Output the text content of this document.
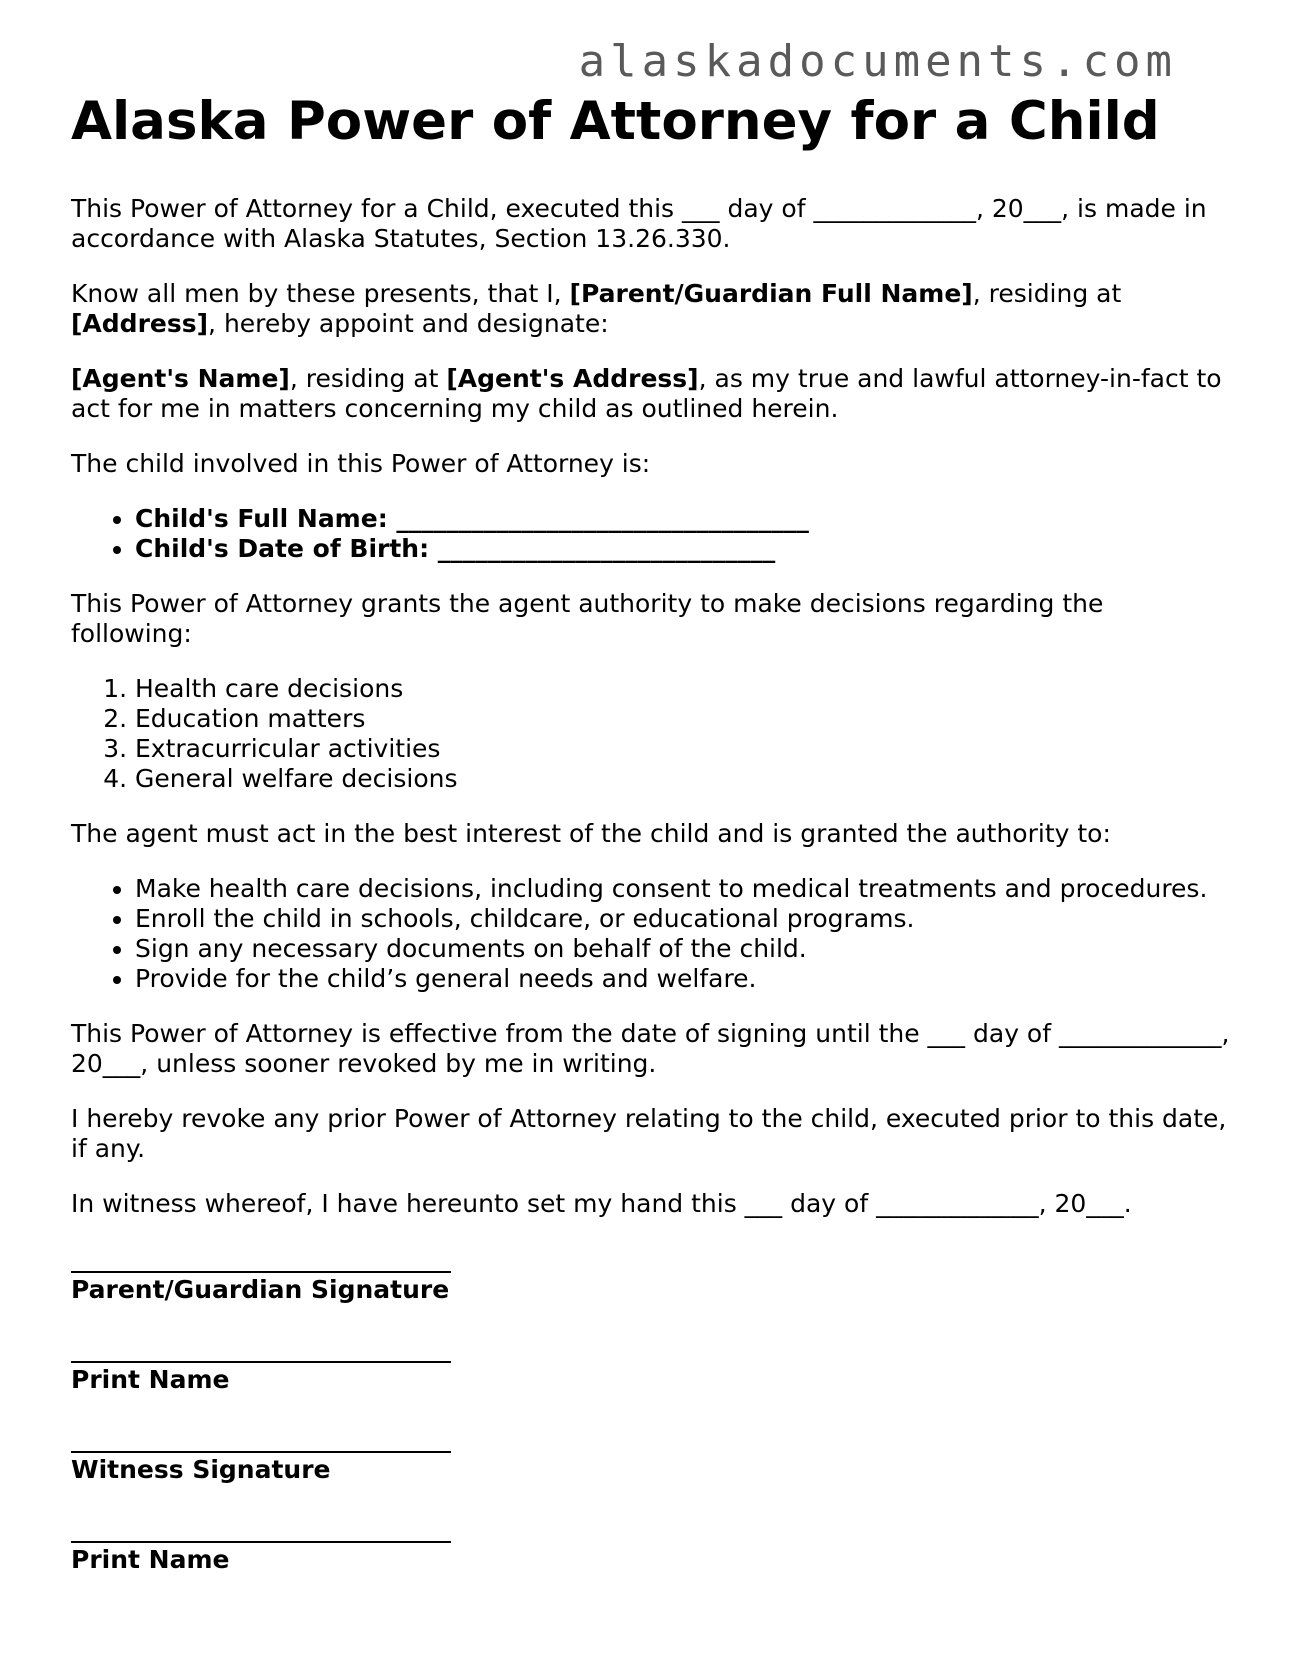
alaskadocuments.com
Alaska Power of Attorney for a Child

This Power of Attorney for a Child, executed this ___ day of _____________, 20___, is made in accordance with Alaska Statutes, Section 13.26.330.

Know all men by these presents, that I, [Parent/Guardian Full Name], residing at [Address], hereby appoint and designate:

[Agent's Name], residing at [Agent's Address], as my true and lawful attorney-in-fact to act for me in matters concerning my child as outlined herein.

The child involved in this Power of Attorney is:

• Child's Full Name: _________________________________
• Child's Date of Birth: ___________________________

This Power of Attorney grants the agent authority to make decisions regarding the following:

1. Health care decisions
2. Education matters
3. Extracurricular activities
4. General welfare decisions

The agent must act in the best interest of the child and is granted the authority to:

• Make health care decisions, including consent to medical treatments and procedures.
• Enroll the child in schools, childcare, or educational programs.
• Sign any necessary documents on behalf of the child.
• Provide for the child’s general needs and welfare.

This Power of Attorney is effective from the date of signing until the ___ day of _____________, 20___, unless sooner revoked by me in writing.

I hereby revoke any prior Power of Attorney relating to the child, executed prior to this date, if any.

In witness whereof, I have hereunto set my hand this ___ day of _____________, 20___.

Parent/Guardian Signature
Print Name
Witness Signature
Print Name
